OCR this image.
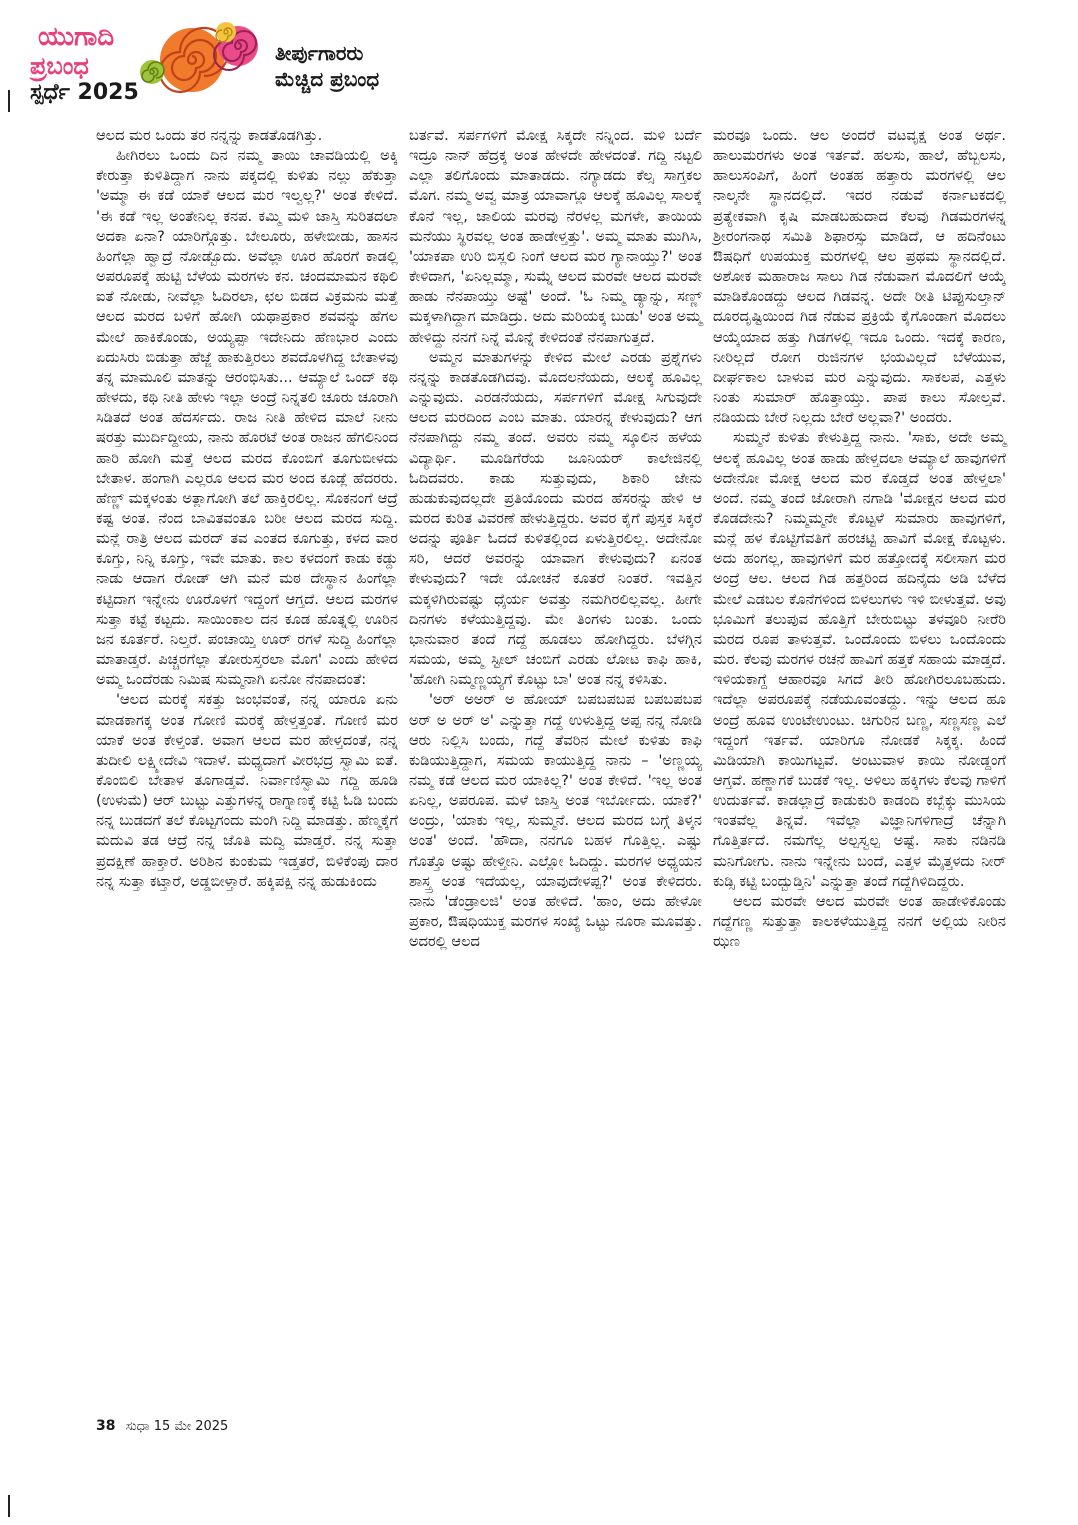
ಯುಗಾದಿ
ಪ್ರಬಂಧ
ಸ್ಪರ್ಧೆ 2025
ತೀರ್ಪುಗಾರರು
ಮೆಚ್ಚಿದ ಪ್ರಬಂಧ

ಆಲದ ಮರ ಒಂದು ತರ ನನ್ನನ್ನು ಕಾಡತೊಡಗಿತ್ತು.

ಹೀಗಿರಲು ಒಂದು ದಿನ ನಮ್ಮ ತಾಯಿ ಚಾವಡಿಯಲ್ಲಿ ಅಕ್ಕಿ ಕೇರುತ್ತಾ ಕುಳಿತಿದ್ದಾಗ ನಾನು ಪಕ್ಕದಲ್ಲಿ ಕುಳಿತು ನಲ್ಲು ಹೆಕುತ್ತಾ 'ಅಮ್ಮಾ ಈ ಕಡೆ ಯಾಕೆ ಆಲದ ಮರ ಇಲ್ವಲ್ಲ?' ಅಂತ ಕೇಳಿದೆ. 'ಈ ಕಡೆ ಇಲ್ಲ ಅಂತೇನಿಲ್ಲ ಕನಪ. ಕಮ್ಮಿ ಮಳಿ ಜಾಸ್ತಿ ಸುರಿತದಲಾ ಅದಕಾ ಏನಾ? ಯಾರಿಗ್ಗೊತ್ತು. ಬೇಲೂರು, ಹಳೇಬೀಡು, ಹಾಸನ ಹಿಂಗೆಲ್ಲಾ ಹ್ವಾದ್ರೆ ನೋಡ್ಬೊದು. ಅವೆಲ್ಲಾ ಊರ ಹೊರಗೆ ಕಾಡಲ್ಲಿ ಅಪರೂಪಕ್ಕೆ ಹುಟ್ಟಿ ಬೆಳೆಯ ಮರಗಳು ಕನ. ಚಂದಮಾಮನ ಕಥಿಲಿ ಐತೆ ನೋಡು, ನೀವೆಲ್ಲಾ ಓದಿರಲಾ, ಛಲ ಬಿಡದ ವಿಕ್ರಮನು ಮತ್ತೆ ಆಲದ ಮರದ ಬಳಿಗೆ ಹೋಗಿ ಯಥಾಪ್ರಕಾರ ಶವವನ್ನು ಹೆಗಲ ಮೇಲೆ ಹಾಕಿಕೊಂಡು, ಅಯ್ಯಪ್ಪಾ ಇದೇನಿದು ಹೆಣಭಾರ ಎಂದು ಏದುಸಿರು ಬಿಡುತ್ತಾ ಹೆಜ್ಜೆ ಹಾಕುತ್ತಿರಲು ಶವದೊಳಗಿದ್ದ ಬೇತಾಳವು ತನ್ನ ಮಾಮೂಲಿ ಮಾತನ್ನು ಆರಂಭಿಸಿತು... ಆಮ್ಯಾಲೆ ಒಂದ್ ಕಥಿ ಹೇಳದು, ಕಥಿ ನೀತಿ ಹೇಳು ಇಲ್ಲಾ ಅಂದ್ರೆ ನಿನ್ನತಲಿ ಚೂರು ಚೂರಾಗಿ ಸಿಡಿತದೆ ಅಂತ ಹೆದರ್ಸದು. ರಾಜ ನೀತಿ ಹೇಳಿದ ಮಾಲೆ ನೀನು ಷರತ್ತು ಮುರ್ದಿದ್ದೀಯ, ನಾನು ಹೊರಟೆ ಅಂತ ರಾಜನ ಹೆಗಲಿನಿಂದ ಹಾರಿ ಹೋಗಿ ಮತ್ತೆ ಆಲದ ಮರದ ಕೊಂಬಿಗೆ ತೂಗುಬೀಳದು ಬೇತಾಳ. ಹಂಗಾಗಿ ಎಲ್ಲರೂ ಆಲದ ಮರ ಅಂದ ಕೂಡ್ಲೆ ಹೆದರರು. ಹೆಣ್ಣ್ ಮಕ್ಕಳಂತು ಅತ್ಲಾಗೋಗಿ ತಲೆ ಹಾಕ್ತಿರಲಿಲ್ಲ. ಸೊಕನಂಗೆ ಆದ್ರೆ ಕಷ್ಟ ಅಂತ. ನೆಂದ ಬಾವಿತವಂತೂ ಬರೀ ಆಲದ ಮರದ ಸುದ್ದಿ. ಮನ್ಲೆ ರಾತ್ರಿ ಆಲದ ಮರದ್ ತವ ಎಂತದ ಕೂಗುತ್ತು, ಕಳದ ವಾರ ಕೂಗ್ತು, ನಿನ್ನಿ ಕೂಗ್ತು, ಇವೇ ಮಾತು. ಕಾಲ ಕಳದಂಗೆ ಕಾಡು ಕಡ್ದು ನಾಡು ಆದಾಗ ರೋಡ್ ಆಗಿ ಮನೆ ಮಠ ದೇಸ್ಥಾನ ಹಿಂಗೆಲ್ಲಾ ಕಟ್ಟಿದಾಗ ಇನ್ನೇನು ಊರೊಳಗೆ ಇದ್ದಂಗೆ ಆಗ್ತದೆ. ಆಲದ ಮರಗಳ ಸುತ್ತಾ ಕಟ್ಟೆ ಕಟ್ಟದು. ಸಾಯಿಂಕಾಲ ದನ ಕೂಡ ಹೊತ್ನಲ್ಲಿ ಊರಿನ ಜನ ಕೂರ್ತರೆ. ನಿಲ್ತರೆ. ಪಂಚಾಯ್ತಿ ಊರ್ ರಗಳೆ ಸುದ್ದಿ ಹಿಂಗೆಲ್ಲಾ ಮಾತಾಡ್ತರೆ. ಪಿಚ್ಚರಗೆಲ್ಲಾ ತೋರುಸ್ತರಲಾ ಮೊಗ' ಎಂದು ಹೇಳಿದ ಅಮ್ಮ ಒಂದೆರಡು ನಿಮಿಷ ಸುಮ್ಮನಾಗಿ ಏನೋ ನೆನಪಾದಂತೆ:

'ಆಲದ ಮರಕ್ಕೆ ಸಕತ್ತು ಜಂಭವಂತೆ, ನನ್ನ ಯಾರೂ ಏನು ಮಾಡಕಾಗಕ್ಕ ಅಂತ ಗೋಣಿ ಮರಕ್ಕೆ ಹೇಳ್ತತ್ತಂತೆ. ಗೋಣಿ ಮರ ಯಾಕೆ ಅಂತ ಕೇಳ್ತಂತೆ. ಅವಾಗ ಆಲದ ಮರ ಹೇಳ್ತದಂತೆ, ನನ್ನ ತುದೀಲಿ ಲಕ್ಷ್ಮೀದೇವಿ ಇದಾಳೆ. ಮಧ್ಯದಾಗೆ ವೀರಭದ್ರ ಸ್ವಾಮಿ ಐತೆ. ಕೊಂಬಿಲಿ ಬೇತಾಳ ತೂಗಾಡ್ತವೆ. ನಿರ್ವಾಣಿಸ್ವಾಮಿ ಗದ್ದಿ ಹೂಡಿ (ಉಳುಮೆ) ಆರ್ ಬುಟ್ಟು ಎತ್ತುಗಳನ್ನ ರಾಗ್ನಾಣಕ್ಕೆ ಕಟ್ಟಿ ಓಡಿ ಬಂದು ನನ್ನ ಬುಡದಗೆ ತಲೆ ಕೊಟ್ಟಗಂದು ಮಂಗಿ ನಿದ್ದಿ ಮಾಡತ್ತು. ಹೆಣ್ಮಕ್ಕೆಗೆ ಮದುವಿ ತಡ ಆದ್ರೆ ನನ್ನ ಜೊತಿ ಮದ್ವಿ ಮಾಡ್ತರೆ. ನನ್ನ ಸುತ್ತಾ ಪ್ರದಕ್ಷಿಣೆ ಹಾಕ್ತಾರೆ. ಅರಿಶಿನ ಕುಂಕುಮ ಇಡ್ತತರೆ, ಬಿಳಿಕೆಂಪು ದಾರ ನನ್ನ ಸುತ್ತಾ ಕಟ್ತಾರೆ, ಅಡ್ಡಬೀಳ್ತಾರೆ. ಹಕ್ಕಿಪಕ್ಷಿ ನನ್ನ ಹುಡುಕಿಂದು

ಬರ್ತವೆ. ಸರ್ಪಗಳಿಗೆ ಮೋಕ್ಷ ಸಿಕ್ಕದೇ ನನ್ನಿಂದ. ಮಳಿ ಬರ್ದೆ ಇದ್ರೂ ನಾನ್ ಹೆದ್ರಕ್ಕ ಅಂತ ಹೇಳದೇ ಹೇಳದಂತೆ. ಗದ್ದಿ ನಟ್ಟಲಿ ಎಲ್ಲಾ ತಲಿಗೊಂದು ಮಾತಾಡದು. ನಗ್ಯಾಡದು ಕೆಲ್ಸ ಸಾಗ್ತಕಲ ಮೊಗ. ನಮ್ಮ ಅವ್ವ ಮಾತ್ರ ಯಾವಾಗ್ಲೂ ಆಲಕ್ಕೆ ಹೂವಿಲ್ಲ ಸಾಲಕ್ಕೆ ಕೊನೆ ಇಲ್ಲ, ಜಾಲಿಯ ಮರವು ನೆರಳಲ್ಲ ಮಗಳೇ, ತಾಯಿಯ ಮನೆಯು ಸ್ಥಿರವಲ್ಲ ಅಂತ ಹಾಡೇಳ್ತತ್ತು'. ಅಮ್ಮ ಮಾತು ಮುಗಿಸಿ, 'ಯಾಕಪಾ ಉರಿ ಬಿಸ್ಲಲಿ ನಿಂಗೆ ಆಲದ ಮರ ಗ್ಯಾನಾಯ್ತು?' ಅಂತ ಕೇಳಿದಾಗ, 'ಏನಿಲ್ಲಮ್ಮಾ, ಸುಮ್ನೆ ಆಲದ ಮರವೇ ಆಲದ ಮರವೇ ಹಾಡು ನೆನಪಾಯ್ತು ಅಷ್ಟೆ' ಅಂದೆ. 'ಓ ನಿಮ್ಮ ಡ್ಯಾನ್ನು, ಸಣ್ಣ್ ಮಕ್ಕಳಾಗಿದ್ದಾಗ ಮಾಡಿದ್ರು. ಅದು ಮರಿಯಕ್ಕ ಬುಡು' ಅಂತ ಅಮ್ಮ ಹೇಳಿದ್ದು ನನಗೆ ನಿನ್ನೆ ಮೊನ್ನೆ ಕೇಳಿದಂತೆ ನೆನಪಾಗುತ್ತದೆ.

ಅಮ್ಮನ ಮಾತುಗಳನ್ನು ಕೇಳಿದ ಮೇಲೆ ಎರಡು ಪ್ರಶ್ನೆಗಳು ನನ್ನನ್ನು ಕಾಡತೊಡಗಿದವು. ಮೊದಲನೆಯದು, ಆಲಕ್ಕೆ ಹೂವಿಲ್ಲ ಎನ್ನುವುದು. ಎರಡನೆಯದು, ಸರ್ಪಗಳಿಗೆ ಮೋಕ್ಷ ಸಿಗುವುದೇ ಆಲದ ಮರದಿಂದ ಎಂಬ ಮಾತು. ಯಾರನ್ನ ಕೇಳುವುದು? ಆಗ ನೆನಪಾಗಿದ್ದು ನಮ್ಮ ತಂದೆ. ಅವರು ನಮ್ಮ ಸ್ಕೂಲಿನ ಹಳೆಯ ವಿದ್ಯಾರ್ಥಿ. ಮೂಡಿಗೆರೆಯ ಜೂನಿಯರ್ ಕಾಲೇಜಿನಲ್ಲಿ ಓದಿದವರು. ಕಾಡು ಸುತ್ತುವುದು, ಶಿಕಾರಿ ಜೇನು ಹುಡುಕುವುದಲ್ಲದೇ ಪ್ರತಿಯೊಂದು ಮರದ ಹೆಸರನ್ನು ಹೇಳಿ ಆ ಮರದ ಕುರಿತ ವಿವರಣೆ ಹೇಳುತ್ತಿದ್ದರು. ಅವರ ಕೈಗೆ ಪುಸ್ತಕ ಸಿಕ್ಕರೆ ಅದನ್ನು ಪೂರ್ತಿ ಓದದೆ ಕುಳಿತಲ್ಲಿಂದ ಏಳುತ್ತಿರಲಿಲ್ಲ. ಅದೇನೋ ಸರಿ, ಆದರೆ ಅವರನ್ನು ಯಾವಾಗ ಕೇಳುವುದು? ಏನಂತ ಕೇಳುವುದು? ಇದೇ ಯೋಚನೆ ಕೂತರೆ ನಿಂತರೆ. ಇವತ್ತಿನ ಮಕ್ಕಳಿಗಿರುವಷ್ಟು ಧೈರ್ಯ ಅವತ್ತು ನಮಗಿರಲಿಲ್ಲವಲ್ಲ. ಹೀಗೇ ದಿನಗಳು ಕಳೆಯುತ್ತಿದ್ದವು. ಮೇ ತಿಂಗಳು ಬಂತು. ಒಂದು ಭಾನುವಾರ ತಂದೆ ಗದ್ದೆ ಹೂಡಲು ಹೋಗಿದ್ದರು. ಬೆಳಗ್ಗಿನ ಸಮಯ, ಅಮ್ಮ ಸ್ಟೀಲ್ ಚಂಬಿಗೆ ಎರಡು ಲೋಟ ಕಾಫಿ ಹಾಕಿ, 'ಹೋಗಿ ನಿಮ್ಮಣ್ಣಯ್ಯಗೆ ಕೊಟ್ಟು ಬಾ' ಅಂತ ನನ್ನ ಕಳಿಸಿತು.

'ಅರ್ ಅಅರ್ ಅ ಹೋಯ್ ಬಪಬಪಬಪ ಬಪಬಪಬಪ ಅರ್ ಅ ಅರ್ ಅ' ಎನ್ನುತ್ತಾ ಗದ್ದೆ ಉಳುತ್ತಿದ್ದ ಅಪ್ಪ ನನ್ನ ನೋಡಿ ಆರು ನಿಲ್ಲಿಸಿ ಬಂದು, ಗದ್ದೆ ತೆವರಿನ ಮೇಲೆ ಕುಳಿತು ಕಾಫಿ ಕುಡಿಯುತ್ತಿದ್ದಾಗ, ಸಮಯ ಕಾಯುತ್ತಿದ್ದ ನಾನು – 'ಅಣ್ಣಯ್ಯ ನಮ್ಮ ಕಡೆ ಆಲದ ಮರ ಯಾಕಿಲ್ಲ?' ಅಂತ ಕೇಳಿದೆ. 'ಇಲ್ಲ ಅಂತ ಏನಿಲ್ಲ, ಅಪರೂಪ. ಮಳೆ ಜಾಸ್ತಿ ಅಂತ ಇರ್ಬೋದು. ಯಾಕೆ?' ಅಂದ್ರು, 'ಯಾಕು ಇಲ್ಲ, ಸುಮ್ಮನೆ. ಆಲದ ಮರದ ಬಗ್ಗೆ ತಿಳ್ಕನ ಅಂತ' ಅಂದೆ. 'ಹೌದಾ, ನನಗೂ ಬಹಳ ಗೊತ್ತಿಲ್ಲ. ಎಷ್ಟು ಗೊತ್ತೊ ಅಷ್ಟು ಹೇಳ್ತೀನಿ. ಎಲ್ಲೋ ಓದಿದ್ದು. ಮರಗಳ ಅಧ್ಯಯನ ಶಾಸ್ತ್ರ ಅಂತ ಇದೆಯಲ್ಲ, ಯಾವುದೇಳಪ್ಪ?' ಅಂತ ಕೇಳಿದರು. ನಾನು 'ಡೆಂಡ್ರಾಲಜಿ' ಅಂತ ಹೇಳಿದೆ. 'ಹಾಂ, ಅದು ಹೇಳೋ ಪ್ರಕಾರ, ಔಷಧಿಯುಕ್ತ ಮರಗಳ ಸಂಖ್ಯೆ ಒಟ್ಟು ನೂರಾ ಮೂವತ್ತು. ಅದರಲ್ಲಿ ಆಲದ

ಮರವೂ ಒಂದು. ಆಲ ಅಂದರೆ ವಟವೃಕ್ಷ ಅಂತ ಅರ್ಥ. ಹಾಲುಮರಗಳು ಅಂತ ಇರ್ತವೆ. ಹಲಸು, ಹಾಲೆ, ಹೆಬ್ಬಲಸು, ಹಾಲುಸಂಪಿಗೆ, ಹಿಂಗೆ ಅಂತಹ ಹತ್ತಾರು ಮರಗಳಲ್ಲಿ ಆಲ ನಾಲ್ಕನೇ ಸ್ಥಾನದಲ್ಲಿದೆ. ಇದರ ನಡುವೆ ಕರ್ನಾಟಕದಲ್ಲಿ ಪ್ರತ್ಯೇಕವಾಗಿ ಕೃಷಿ ಮಾಡಬಹುದಾದ ಕೆಲವು ಗಿಡಮರಗಳನ್ನ ಶ್ರೀರಂಗನಾಥ ಸಮಿತಿ ಶಿಫಾರಸ್ಸು ಮಾಡಿದೆ, ಆ ಹದಿನೆಂಟು ಔಷಧಿಗೆ ಉಪಯುಕ್ತ ಮರಗಳಲ್ಲಿ ಆಲ ಪ್ರಥಮ ಸ್ಥಾನದಲ್ಲಿದೆ. ಅಶೋಕ ಮಹಾರಾಜ ಸಾಲು ಗಿಡ ನೆಡುವಾಗ ಮೊದಲಿಗೆ ಆಯ್ಕೆ ಮಾಡಿಕೊಂಡದ್ದು ಆಲದ ಗಿಡವನ್ನ. ಅದೇ ರೀತಿ ಟಿಪ್ಪುಸುಲ್ತಾನ್ ದೂರದೃಷ್ಟಿಯಿಂದ ಗಿಡ ನೆಡುವ ಪ್ರಕ್ರಿಯೆ ಕೈಗೊಂಡಾಗ ಮೊದಲು ಆಯ್ಕೆಯಾದ ಹತ್ತು ಗಿಡಗಳಲ್ಲಿ ಇದೂ ಒಂದು. ಇದಕ್ಕೆ ಕಾರಣ, ನೀರಿಲ್ಲದೆ ರೋಗ ರುಜಿನಗಳ ಭಯವಿಲ್ಲದೆ ಬೆಳೆಯುವ, ದೀರ್ಘಕಾಲ ಬಾಳುವ ಮರ ಎನ್ನುವುದು. ಸಾಕಲಪ, ಎತ್ತಳು ನಿಂತು ಸುಮಾರ್ ಹೊತ್ತಾಯ್ತು. ಪಾಪ ಕಾಲು ಸೋಲ್ತವೆ. ನಡಿಯದು ಬೇರೆ ನಿಲ್ಲದು ಬೇರೆ ಅಲ್ಲವಾ?' ಅಂದರು.

ಸುಮ್ಮನೆ ಕುಳಿತು ಕೇಳುತ್ತಿದ್ದ ನಾನು. 'ಸಾಕು, ಅದೇ ಅಮ್ಮ ಆಲಕ್ಕೆ ಹೂವಿಲ್ಲ ಅಂತ ಹಾಡು ಹೇಳ್ತದಲಾ ಆಮ್ಯಾಲೆ ಹಾವುಗಳಿಗೆ ಅದೇನೋ ಮೋಕ್ಷ ಆಲದ ಮರ ಕೊಡ್ತದೆ ಅಂತ ಹೇಳ್ತಲಾ' ಅಂದೆ. ನಮ್ಮ ತಂದೆ ಜೋರಾಗಿ ನಗಾಡಿ 'ಮೋಕ್ಷನ ಆಲದ ಮರ ಕೊಡದೇನು? ನಿಮ್ಮಮ್ಮನೇ ಕೊಟ್ಟಳೆ ಸುಮಾರು ಹಾವುಗಳಿಗೆ, ಮನ್ಲೆ ಹಳ ಕೊಟ್ಟಿಗೆವತಿಗೆ ಹರಚಟ್ಟಿ ಹಾವಿಗೆ ಮೋಕ್ಷ ಕೊಟ್ಟಳು. ಅದು ಹಂಗಲ್ಲ, ಹಾವುಗಳಿಗೆ ಮರ ಹತ್ತೋದಕ್ಕೆ ಸಲೀಸಾಗ ಮರ ಅಂದ್ರೆ ಆಲ. ಆಲದ ಗಿಡ ಹತ್ತರಿಂದ ಹದಿನೈದು ಅಡಿ ಬೆಳೆದ ಮೇಲೆ ಎಡಬಲ ಕೊನೆಗಳಿಂದ ಬಿಳಲುಗಳು ಇಳಿ ಬೀಳುತ್ತವೆ. ಅವು ಭೂಮಿಗೆ ತಲುಪುವ ಹೊತ್ತಿಗೆ ಬೇರುಬಿಟ್ಟು ತಳವೂರಿ ನೀರೆರಿ ಮರದ ರೂಪ ತಾಳುತ್ತವೆ. ಒಂದೊಂದು ಬಿಳಲು ಒಂದೊಂದು ಮರ. ಕೆಲವು ಮರಗಳ ರಚನೆ ಹಾವಿಗೆ ಹತ್ತಕೆ ಸಹಾಯ ಮಾಡ್ತದೆ. ಇಳಿಯಕಾಗ್ದೆ ಆಹಾರವೂ ಸಿಗದೆ ತೀರಿ ಹೋಗಿರಲೂಬಹುದು. ಇದೆಲ್ಲಾ ಅಪರೂಪಕ್ಕೆ ನಡೆಯೂವಂತದ್ದು. ಇನ್ನು ಆಲದ ಹೂ ಅಂದ್ರೆ ಹೂವ ಉಂಟೇಉಂಟು. ಚಿಗುರಿನ ಬಣ್ಣ, ಸಣ್ಣಸಣ್ಣ ಎಲೆ ಇದ್ದಂಗೆ ಇರ್ತವೆ. ಯಾರಿಗೂ ನೋಡಕೆ ಸಿಕ್ಕಕ್ಕ. ಹಿಂದೆ ಮಿಡಿಯಾಗಿ ಕಾಯಿಗಟ್ಟವೆ. ಅಂಟುವಾಳ ಕಾಯಿ ನೋಡ್ದಂಗೆ ಆಗ್ತವೆ. ಹಣ್ಣಾಗಕೆ ಬುಡಕೆ ಇಲ್ಲ. ಅಳಿಲು ಹಕ್ಕಿಗಳು ಕೆಲವು ಗಾಳಿಗೆ ಉದುರ್ತವೆ. ಕಾಡಲ್ಲಾದ್ರೆ ಕಾಡುಕುರಿ ಕಾಡಂದಿ ಕಬ್ಬೆಕ್ಕು ಮುಸಿಯ ಇಂತವೆಲ್ಲ ತಿನ್ನವೆ. ಇವೆಲ್ಲಾ ವಿಜ್ಞಾನಿಗಳಿಗಾದ್ರೆ ಚೆನ್ನಾಗಿ ಗೊತ್ತಿರ್ತದೆ. ನಮಗೆಲ್ಲ ಅಲ್ಪಸ್ವಲ್ಪ ಅಷ್ಟೆ. ಸಾಕು ನಡಿನಡಿ ಮನಿಗೋಗು. ನಾನು ಇನ್ನೇನು ಬಂದೆ, ಎತ್ತಳ ಮೈತ್ತಳದು ನೀರ್ ಕುಡ್ಸಿ ಕಟ್ಟಿ ಬಂದ್ಬುಡ್ತಿನಿ' ಎನ್ನುತ್ತಾ ತಂದೆ ಗದ್ದೆಗಿಳಿದಿದ್ದರು.

ಆಲದ ಮರವೇ ಆಲದ ಮರವೇ ಅಂತ ಹಾಡೇಳಿಕೊಂಡು ಗದ್ದೆಗಣ್ಣ ಸುತ್ತುತ್ತಾ ಕಾಲಕಳೆಯುತ್ತಿದ್ದ ನನಗೆ ಅಲ್ಲಿಯ ನೀರಿನ ಝಣ

38 ಸುಧಾ 15 ಮೇ 2025
